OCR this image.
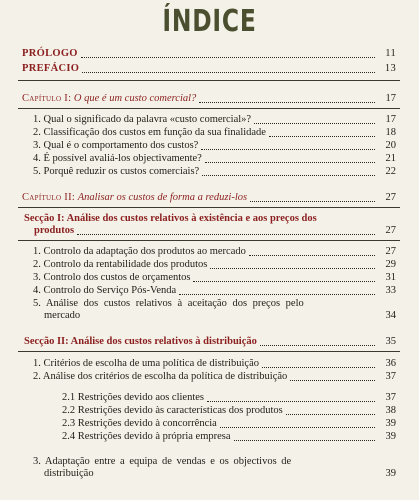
ÍNDICE
PRÓLOGO	11
PREFÁCIO	13
Capítulo I: O que é um custo comercial?	17
1. Qual o significado da palavra «custo comercial»?	17
2. Classificação dos custos em função da sua finalidade	18
3. Qual é o comportamento dos custos?	20
4. É possível avaliá-los objectivamente?	21
5. Porquê reduzir os custos comerciais?	22
Capítulo II: Analisar os custos de forma a reduzi-los	27
Secção I: Análise dos custos relativos à existência e aos preços dos
produtos	27
1. Controlo da adaptação dos produtos ao mercado	27
2. Controlo da rentabilidade dos produtos	29
3. Controlo dos custos de orçamentos	31
4. Controlo do Serviço Pós-Venda	33
5. Análise dos custos relativos à aceitação dos preços pelo
mercado	34
Secção II: Análise dos custos relativos à distribuição	35
1. Critérios de escolha de uma política de distribuição	36
2. Análise dos critérios de escolha da política de distribuição	37
2.1 Restrições devido aos clientes	37
2.2 Restrições devido às características dos produtos	38
2.3 Restrições devido à concorrência	39
2.4 Restrições devido à própria empresa	39
3. Adaptação entre a equipa de vendas e os objectivos de
distribuição	39
